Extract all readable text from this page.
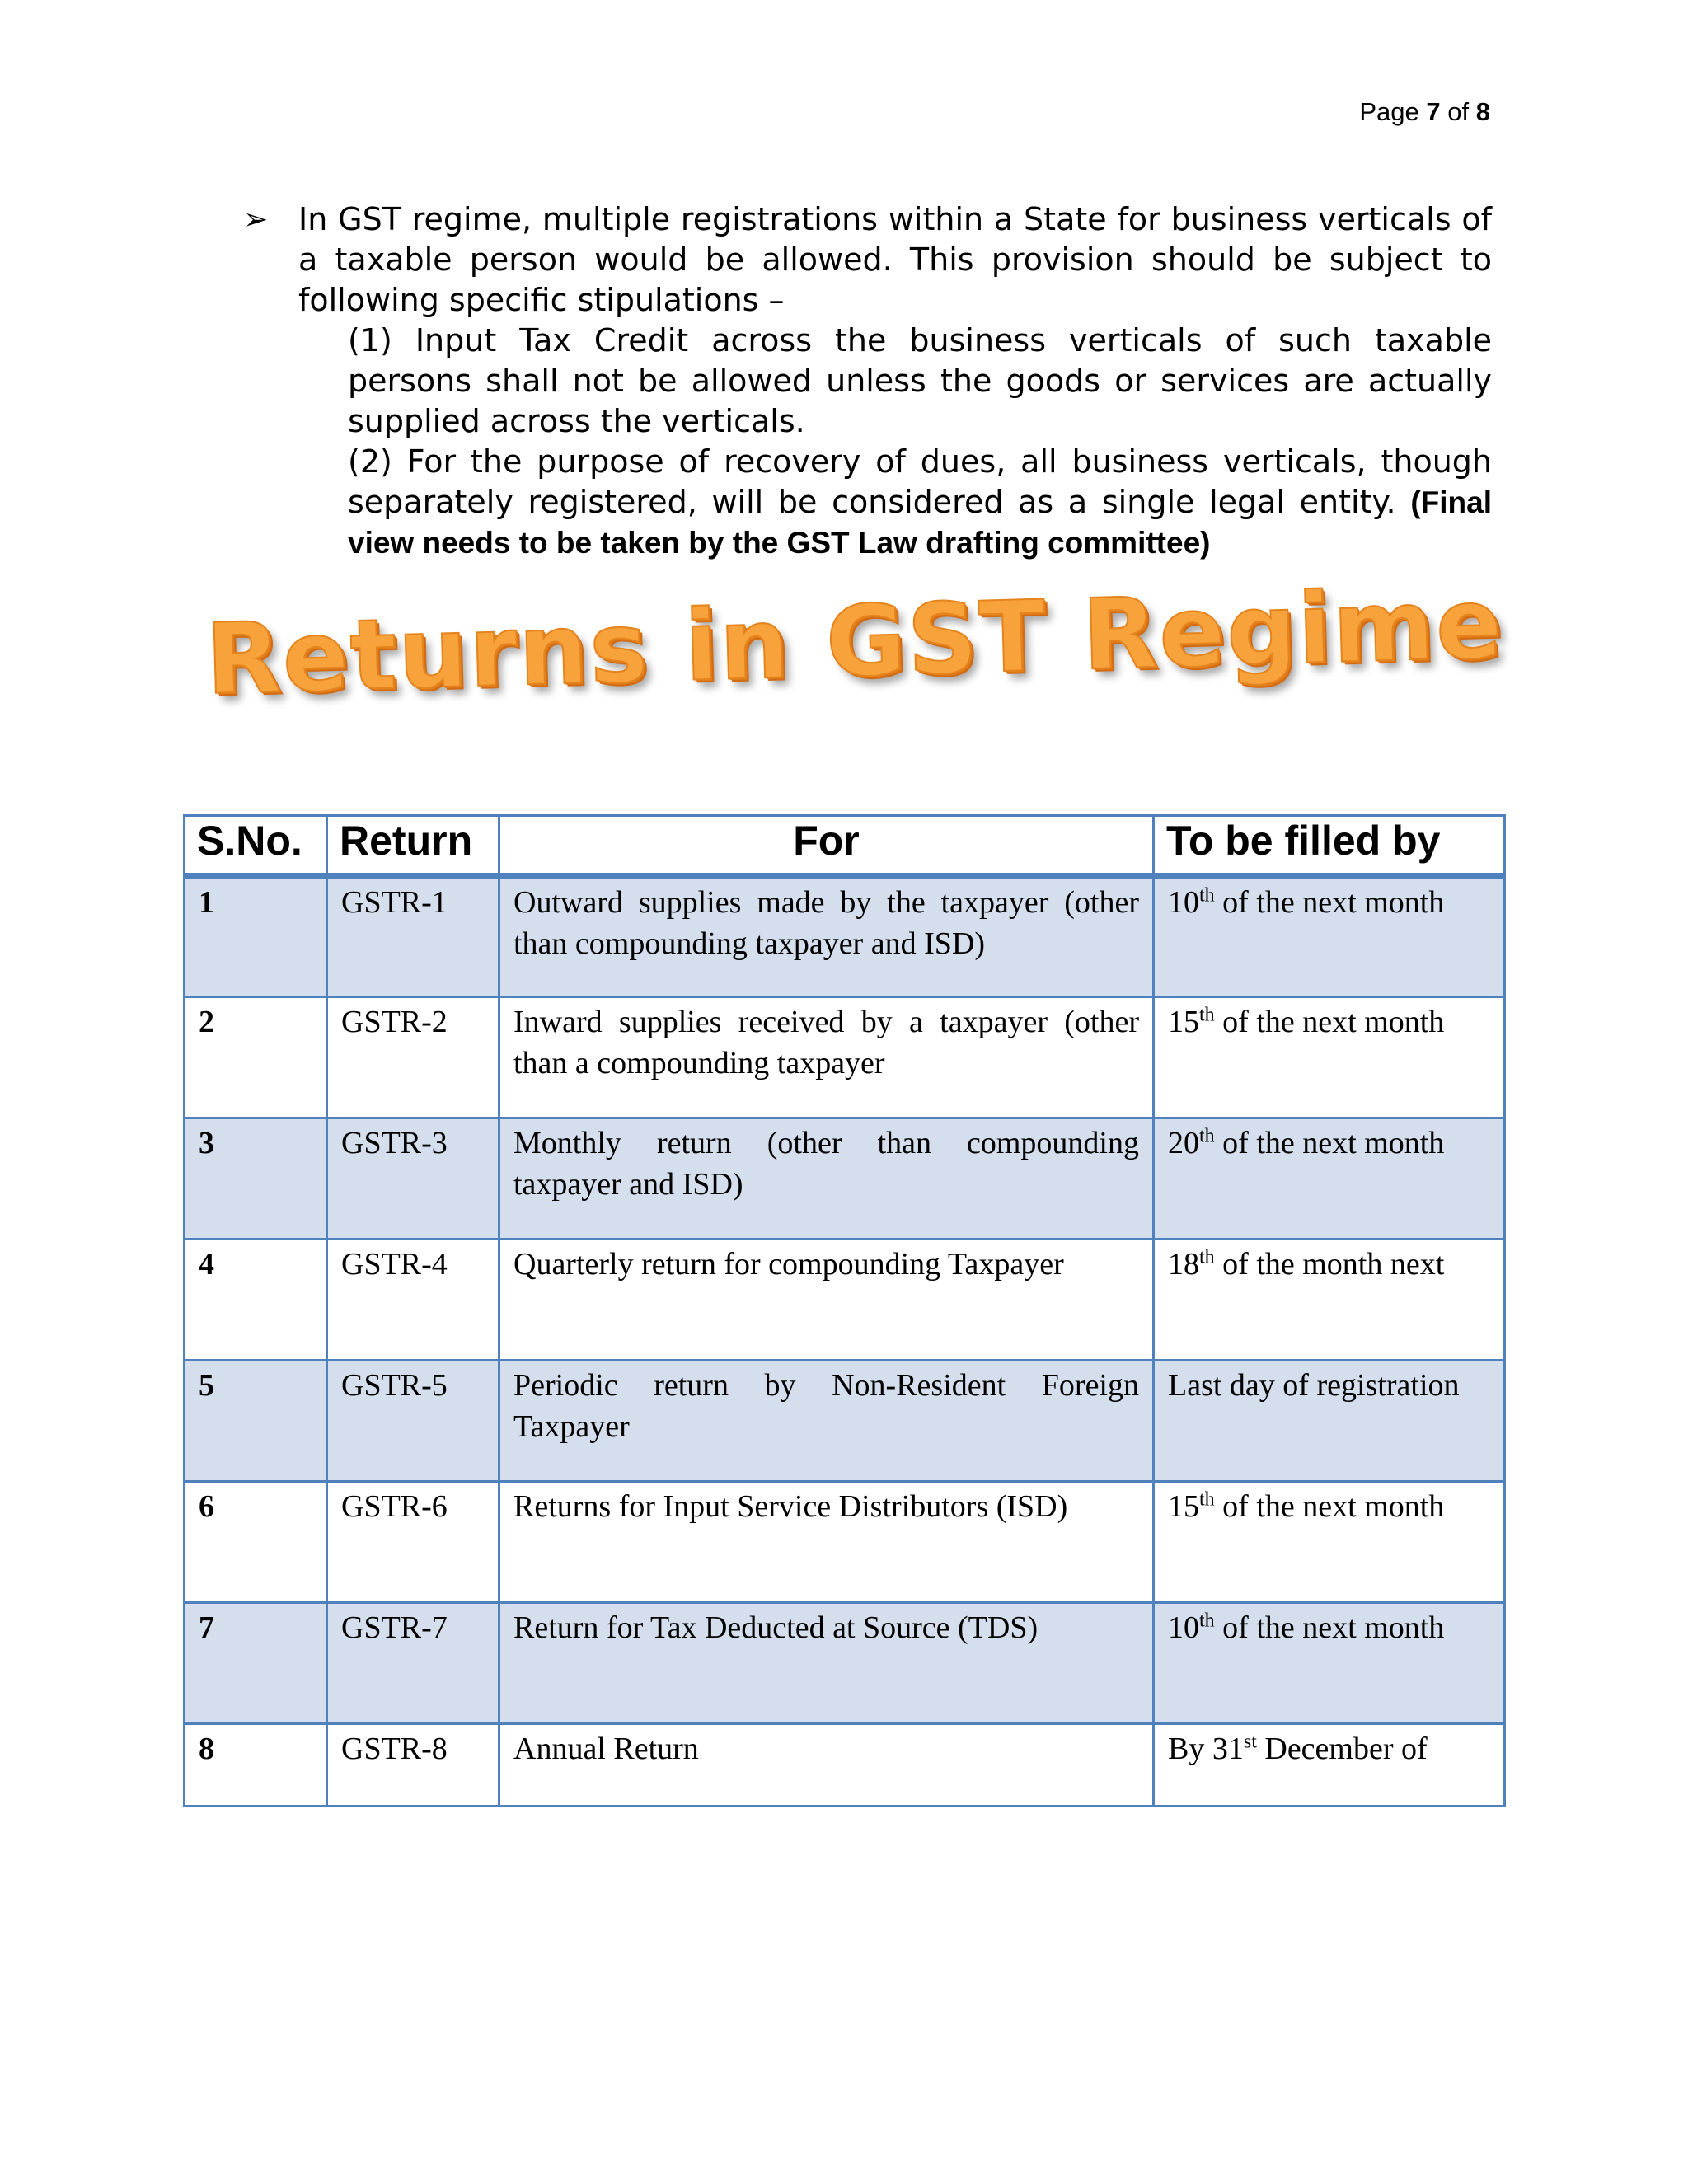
Page 7 of 8
➢ In GST regime, multiple registrations within a State for business verticals of a taxable person would be allowed. This provision should be subject to following specific stipulations –

(1) Input Tax Credit across the business verticals of such taxable persons shall not be allowed unless the goods or services are actually supplied across the verticals.

(2) For the purpose of recovery of dues, all business verticals, though separately registered, will be considered as a single legal entity. (Final view needs to be taken by the GST Law drafting committee)

Returns in GST Regime
S.No.	Return	For	To be filled by
1	GSTR-1	Outward supplies made by the taxpayer (other than compounding taxpayer and ISD)	10th of the next month
2	GSTR-2	Inward supplies received by a taxpayer (other than a compounding taxpayer	15th of the next month
3	GSTR-3	Monthly return (other than compounding taxpayer and ISD)	20th of the next month
4	GSTR-4	Quarterly return for compounding Taxpayer	18th of the month next
5	GSTR-5	Periodic return by Non-Resident Foreign Taxpayer	Last day of registration
6	GSTR-6	Returns for Input Service Distributors (ISD)	15th of the next month
7	GSTR-7	Return for Tax Deducted at Source (TDS)	10th of the next month
8	GSTR-8	Annual Return	By 31st December of
